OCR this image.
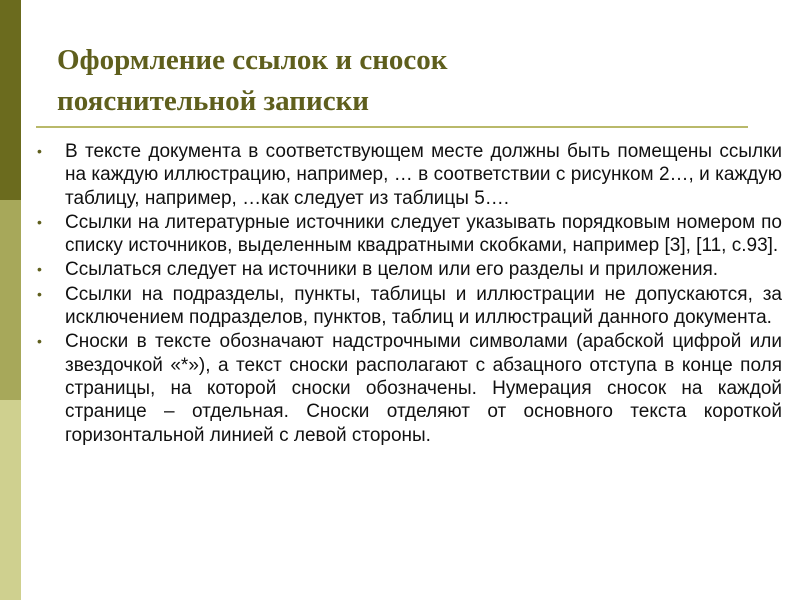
Оформление ссылок и сносок
пояснительной записки
• В тексте документа в соответствующем месте должны быть помещены ссылки на каждую иллюстрацию, например, … в соответствии с рисунком 2…, и каждую таблицу, например, …как следует из таблицы 5….
• Ссылки на литературные источники следует указывать порядковым номером по списку источников, выделенным квадратными скобками, например [3], [11, с.93].
• Ссылаться следует на источники в целом или его разделы и приложения.
• Ссылки на подразделы, пункты, таблицы и иллюстрации не допускаются, за исключением подразделов, пунктов, таблиц и иллюстраций данного документа.
• Сноски в тексте обозначают надстрочными символами (арабской цифрой или звездочкой «*»), а текст сноски располагают с абзацного отступа в конце поля страницы, на которой сноски обозначены. Нумерация сносок на каждой странице – отдельная. Сноски отделяют от основного текста короткой горизонтальной линией с левой стороны.
